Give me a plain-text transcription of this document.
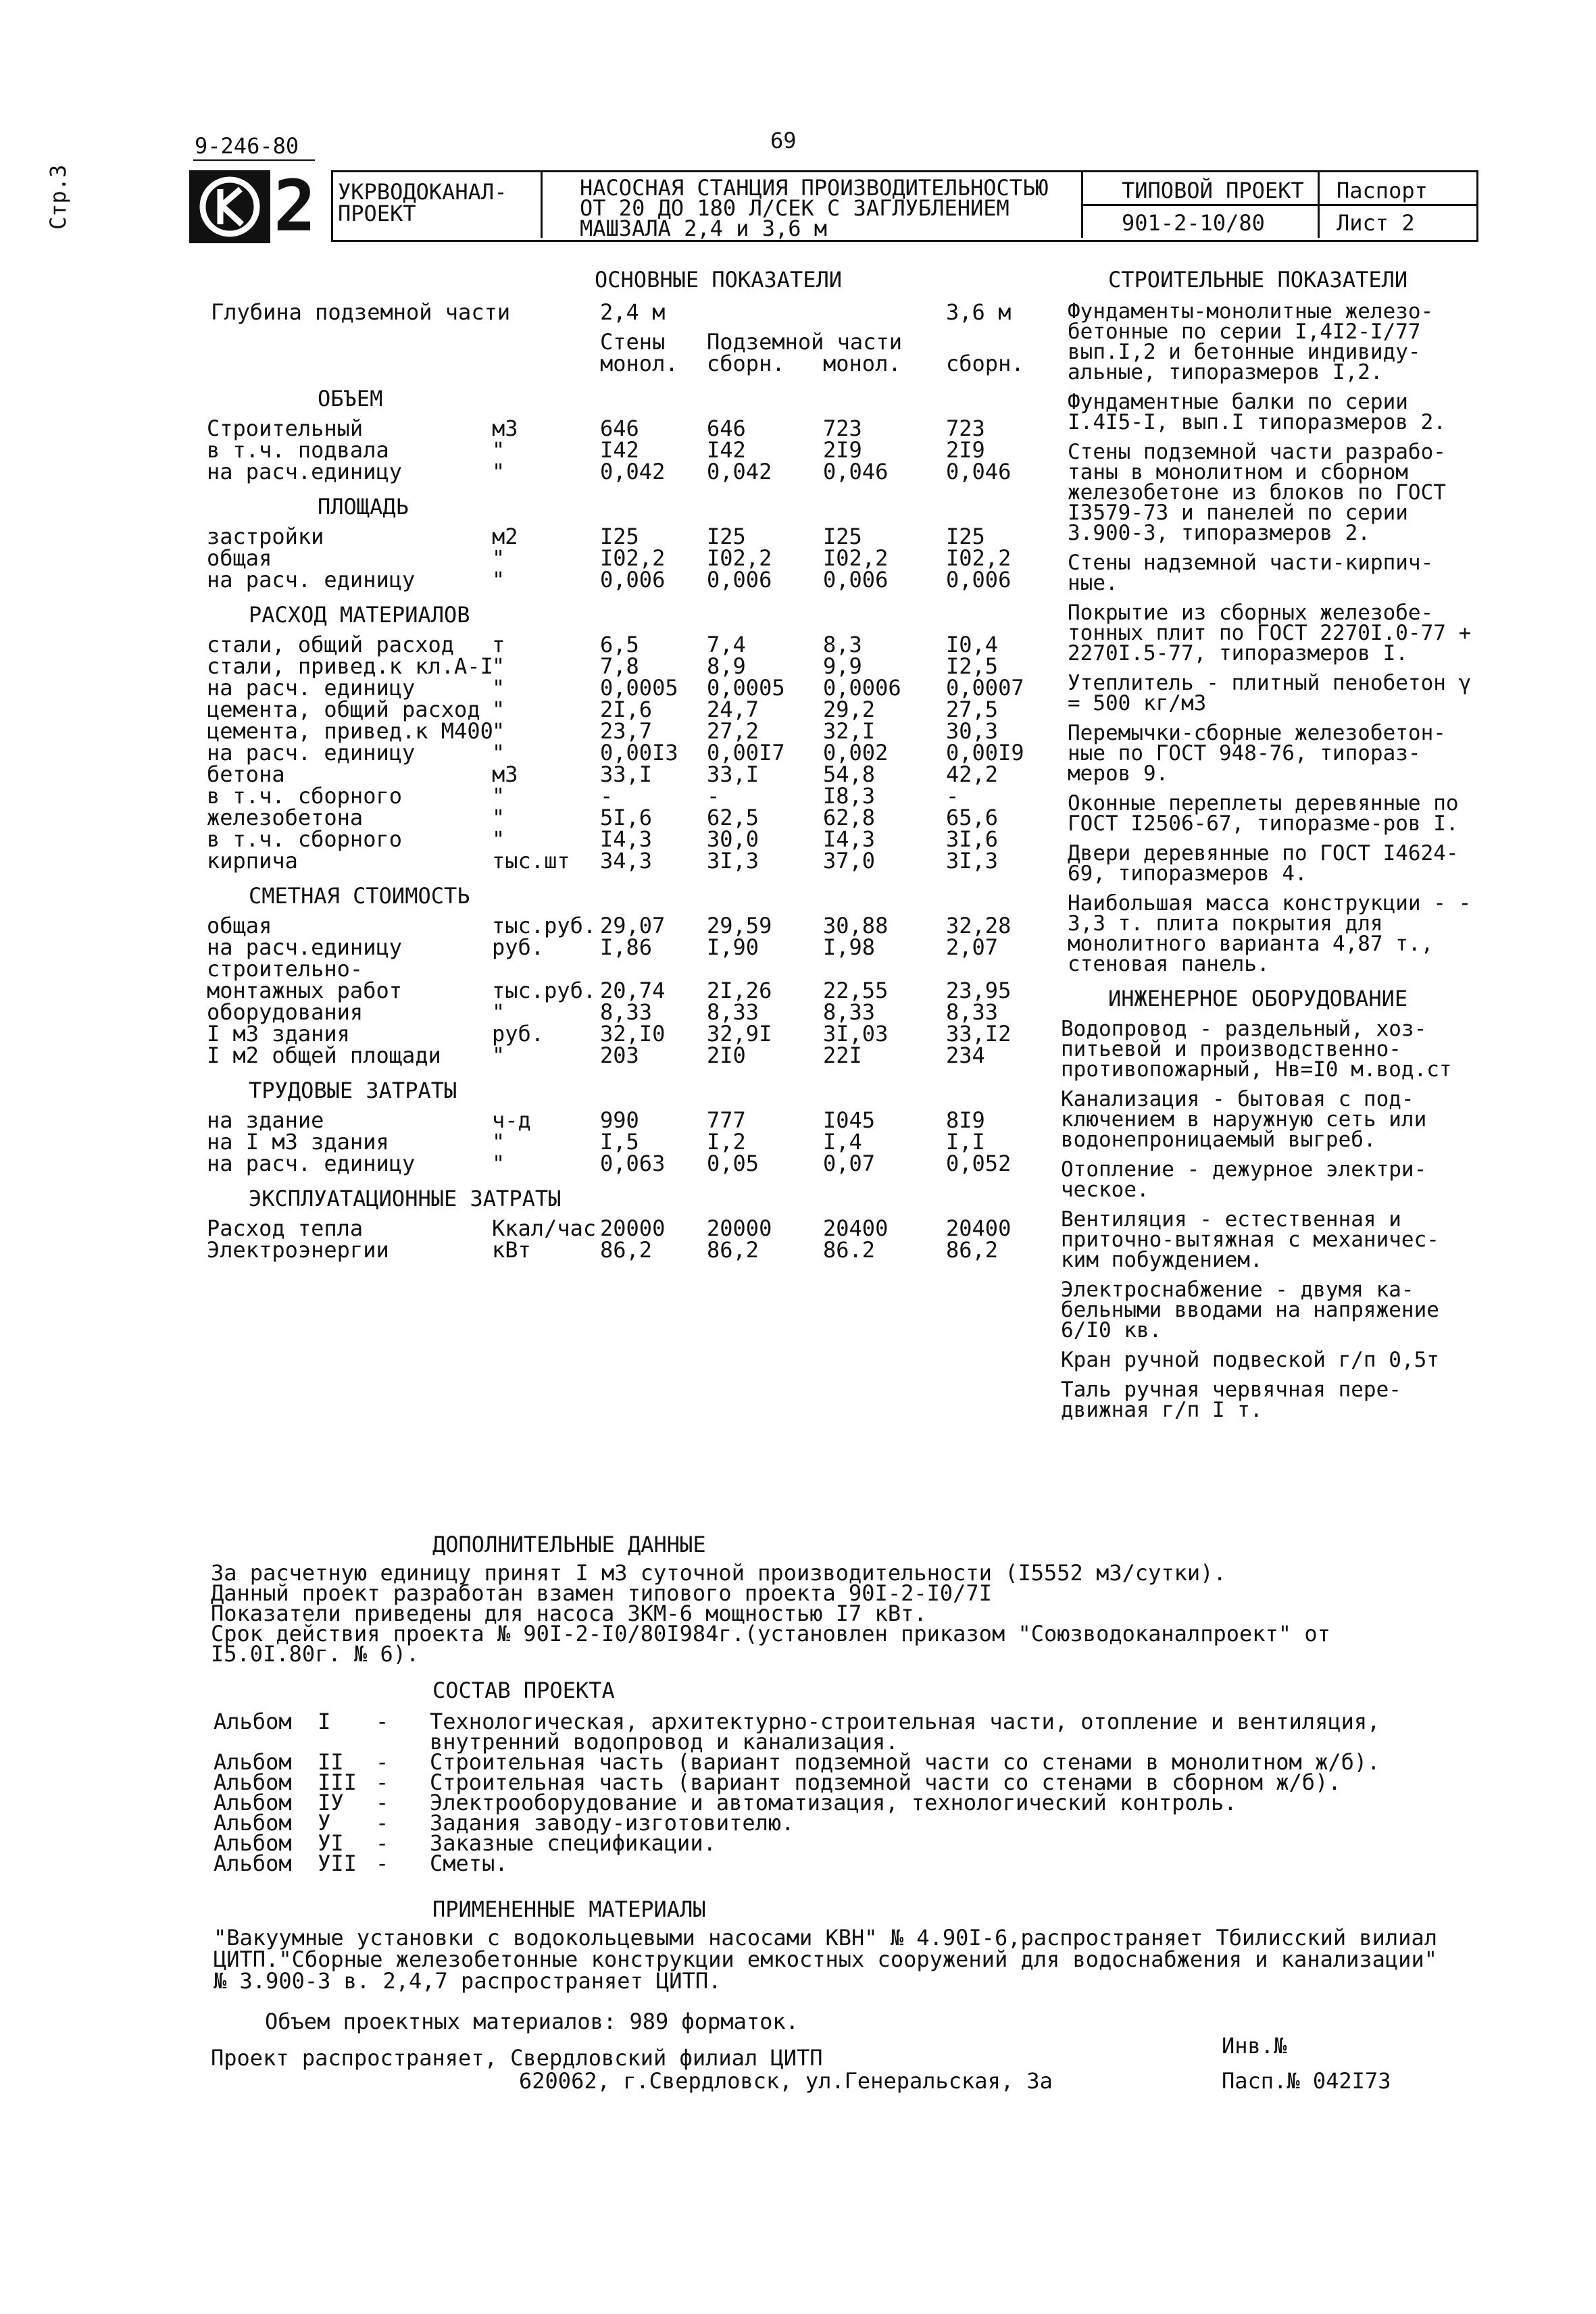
9-246-80	69
Стр.3	2 УКРВОДОКАНАЛ-
ПРОЕКТ
НАСОСНАЯ СТАНЦИЯ ПРОИЗВОДИТЕЛЬНОСТЬЮ
ОТ 20 ДО 180 Л/СЕК С ЗАГЛУБЛЕНИЕМ
МАШЗАЛА 2,4 и 3,6 м
ТИПОВОЙ ПРОЕКТ
901-2-10/80
Паспорт
Лист 2
ОСНОВНЫЕ ПОКАЗАТЕЛИ
Глубина подземной части	2,4 м	3,6 м
Стены Подземной части
монол. сборн. монол. сборн.
ОБЪЕМ
Строительный	м3	646	646	723	723
в т.ч. подвала	"	I42	I42	2I9	2I9
на расч.единицу	"	0,042 0,042 0,046	0,046
ПЛОЩАДЬ
застройки	м2	I25	I25	I25	I25
общая	"	I02,2 I02,2 I02,2	I02,2
на расч. единицу	"	0,006 0,006 0,006	0,006
РАСХОД МАТЕРИАЛОВ
стали, общий расход т	6,5	7,4	8,3	I0,4
стали, привед.к кл.А-I
"	7,8	8,9	9,9	I2,5
на расч. единицу	"	0,0005 0,0005 0,0006 0,0007
цемента, общий расход "	2I,6	24,7	29,2	27,5
цемента, привед.к М400
"	23,7	27,2	32,I	30,3
на расч. единицу	"	0,00I3 0,00I7 0,002	0,00I9
бетона	м3	33,I	33,I	54,8	42,2
в т.ч. сборного	"	-	-	I8,3	-
железобетона	"	5I,6	62,5	62,8	65,6
в т.ч. сборного	"	I4,3	30,0	I4,3	3I,6
кирпича	тыс.шт 34,3	3I,3	37,0	3I,3
СМЕТНАЯ СТОИМОСТЬ
общая	тыс.руб. 29,07 29,59 30,88	32,28
на расч.единицу	руб.	I,86	I,90	I,98	2,07
строительно-
монтажных работ	тыс.руб. 20,74 2I,26 22,55	23,95
оборудования	"	8,33	8,33	8,33	8,33
I м3 здания	руб.	32,I0 32,9I 3I,03	33,I2
I м2 общей площади "	203	2I0	22I	234
ТРУДОВЫЕ ЗАТРАТЫ
на здание	ч-д	990	777	I045	8I9
на I м3 здания	"	I,5	I,2	I,4	I,I
на расч. единицу	"	0,063 0,05	0,07	0,052
ЭКСПЛУАТАЦИОННЫЕ ЗАТРАТЫ
Расход тепла	Ккал/час 20000 20000 20400	20400
Электроэнергии	кВт	86,2	86,2	86.2	86,2
СТРОИТЕЛЬНЫЕ ПОКАЗАТЕЛИ
Фундаменты-монолитные железо-бетонные по серии I,4I2-I/77 вып.I,2 и бетонные индивиду-альные, типоразмеров I,2.
Фундаментные балки по серии I.4I5-I, вып.I типоразмеров 2.
Стены подземной части разрабо-таны в монолитном и сборном железобетоне из блоков по ГОСТ I3579-73 и панелей по серии 3.900-3, типоразмеров 2.
Стены надземной части-кирпич-ные.
Покрытие из сборных железобе-тонных плит по ГОСТ 2270I.0-77 + 2270I.5-77, типоразмеров I.
Утеплитель - плитный пенобетон γ = 500 кг/м3
Перемычки-сборные железобетон-ные по ГОСТ 948-76, типораз-меров 9.
Оконные переплеты деревянные по ГОСТ I2506-67, типоразме-ров I.
Двери деревянные по ГОСТ I4624-69, типоразмеров 4.
Наибольшая масса конструкции - - 3,3 т. плита покрытия для монолитного варианта 4,87 т., стеновая панель.
ИНЖЕНЕРНОЕ ОБОРУДОВАНИЕ
Водопровод - раздельный, хоз-питьевой и производственно-противопожарный, Нв=I0 м.вод.ст
Канализация - бытовая с под-ключением в наружную сеть или водонепроницаемый выгреб.
Отопление - дежурное электри-ческое.
Вентиляция - естественная и приточно-вытяжная с механичес-ким побуждением.
Электроснабжение - двумя ка-бельными вводами на напряжение 6/I0 кв.
Кран ручной подвеской г/п 0,5т
Таль ручная червячная пере-движная г/п I т.
ДОПОЛНИТЕЛЬНЫЕ ДАННЫЕ
За расчетную единицу принят I м3 суточной производительности (I5552 м3/сутки).
Данный проект разработан взамен типового проекта 90I-2-I0/7I
Показатели приведены для насоса ЗКМ-6 мощностью I7 кВт.
Срок действия проекта № 90I-2-I0/80I984г.(установлен приказом "Союзводоканалпроект" от
I5.0I.80г. № 6).
СОСТАВ ПРОЕКТА
Альбом  I - Технологическая, архитектурно-строительная части, отопление и вентиляция,
внутренний водопровод и канализация.
Альбом  II - Строительная часть (вариант подземной части со стенами в монолитном ж/б).
Альбом  III - Строительная часть (вариант подземной части со стенами в сборном ж/б).
Альбом  IУ - Электрооборудование и автоматизация, технологический контроль.
Альбом  У - Задания заводу-изготовителю.
Альбом  УI - Заказные спецификации.
Альбом  УII - Сметы.
ПРИМЕНЕННЫЕ МАТЕРИАЛЫ
"Вакуумные установки с водокольцевыми насосами КВН" № 4.90I-6,распространяет Тбилисский вилиал
ЦИТП."Сборные железобетонные конструкции емкостных сооружений для водоснабжения и канализации"
№ 3.900-3 в. 2,4,7 распространяет ЦИТП.
Объем проектных материалов: 989 форматок.
Проект распространяет, Свердловский филиал ЦИТП
620062, г.Свердловск, ул.Генеральская, 3а
Инв.№
Пасп.№ 042I73
